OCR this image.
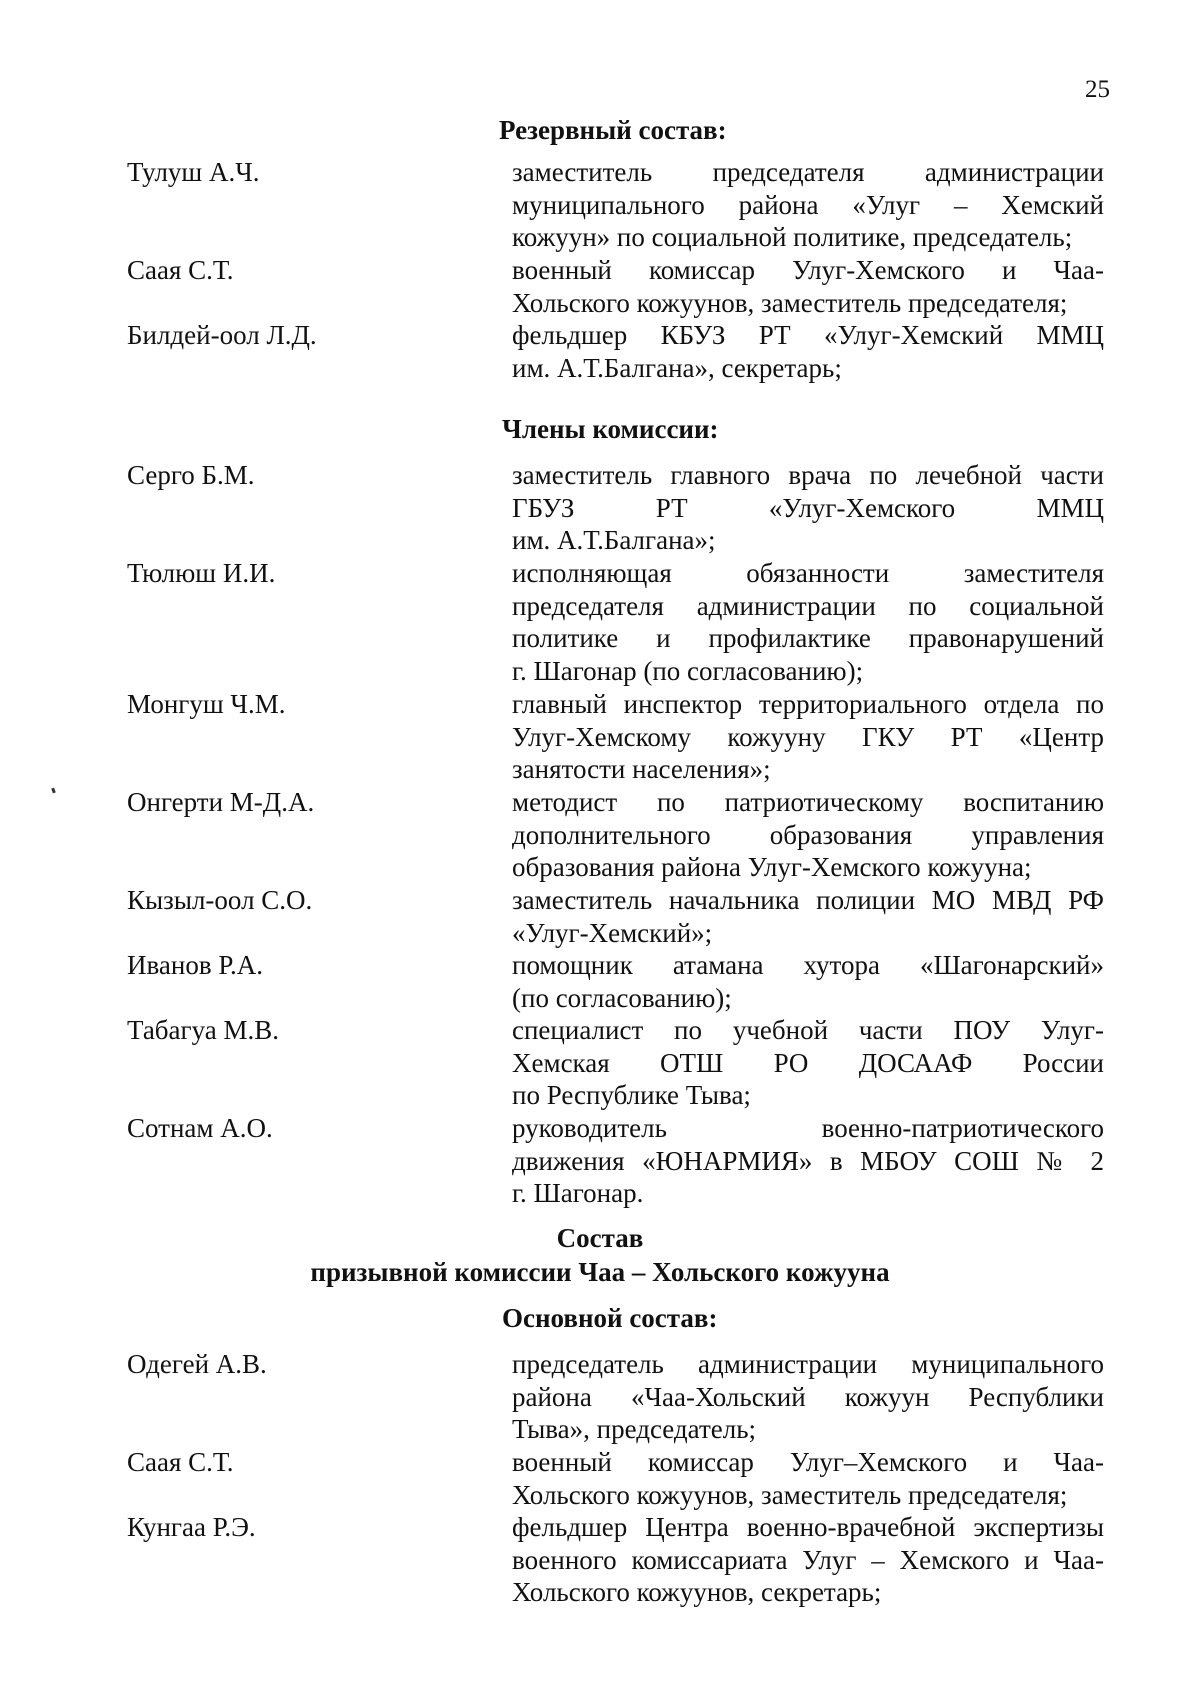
25
Резервный состав:
Тулуш А.Ч.	заместитель председателя администрации
муниципального района «Улуг – Хемский
кожуун» по социальной политике, председатель;
Саая С.Т.	военный комиссар Улуг-Хемского и Чаа-
Хольского кожуунов, заместитель председателя;
Билдей-оол Л.Д.	фельдшер КБУЗ РТ «Улуг-Хемский ММЦ
им. А.Т.Балгана», секретарь;
Члены комиссии:
Серго Б.М.	заместитель главного врача по лечебной части
ГБУЗ РТ «Улуг-Хемского ММЦ
им. А.Т.Балгана»;
Тюлюш И.И.	исполняющая обязанности заместителя
председателя администрации по социальной
политике и профилактике правонарушений
г. Шагонар (по согласованию);
Монгуш Ч.М.	главный инспектор территориального отдела по
Улуг-Хемскому кожууну ГКУ РТ «Центр
занятости населения»;
Онгерти М-Д.А.	методист по патриотическому воспитанию
дополнительного образования управления
образования района Улуг-Хемского кожууна;
Кызыл-оол С.О.	заместитель начальника полиции МО МВД РФ
«Улуг-Хемский»;
Иванов Р.А.	помощник атамана хутора «Шагонарский»
(по согласованию);
Табагуа М.В.	специалист по учебной части ПОУ Улуг-
Хемская ОТШ РО ДОСААФ России
по Республике Тыва;
Сотнам А.О.	руководитель военно-патриотического
движения «ЮНАРМИЯ» в МБОУ СОШ № 2
г. Шагонар.
Состав
призывной комиссии Чаа – Хольского кожууна
Основной состав:
Одегей А.В.	председатель администрации муниципального
района «Чаа-Хольский кожуун Республики
Тыва», председатель;
Саая С.Т.	военный комиссар Улуг–Хемского и Чаа-
Хольского кожуунов, заместитель председателя;
Кунгаа Р.Э.	фельдшер Центра военно-врачебной экспертизы
военного комиссариата Улуг – Хемского и Чаа-
Хольского кожуунов, секретарь;
